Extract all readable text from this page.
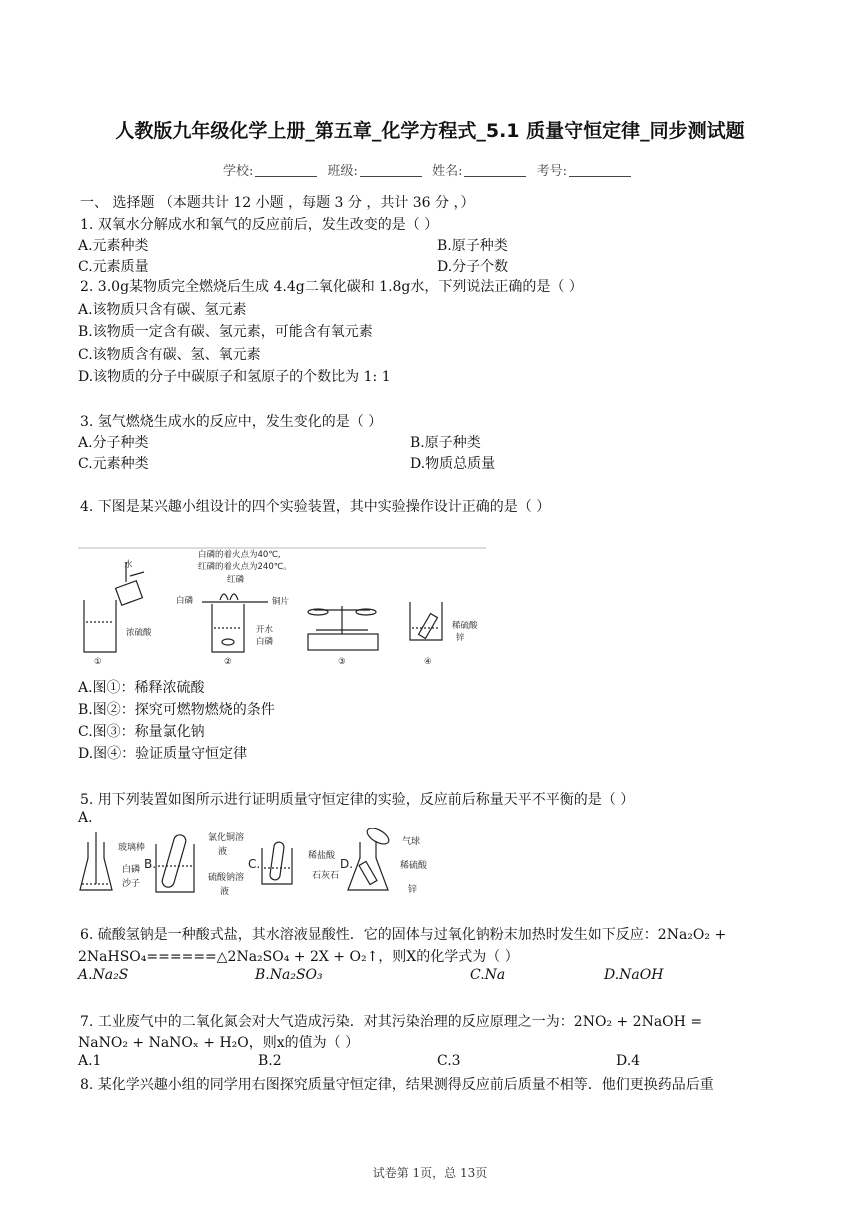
人教版九年级化学上册_第五章_化学方程式_5.1 质量守恒定律_同步测试题
学校:	班级:	姓名:	考号:
一、 选择题 （本题共计 12 小题 ，每题 3 分 ，共计 36 分 ，）
1. 双氧水分解成水和氧气的反应前后，发生改变的是（ ）
A.元素种类	B.原子种类
C.元素质量	D.分子个数
2. 3.0g某物质完全燃烧后生成 4.4g二氧化碳和 1.8g水，下列说法正确的是（ ）
A.该物质只含有碳、氢元素
B.该物质一定含有碳、氢元素，可能含有氧元素
C.该物质含有碳、氢、氧元素
D.该物质的分子中碳原子和氢原子的个数比为 1: 1
3. 氢气燃烧生成水的反应中，发生变化的是（ ）
A.分子种类	B.原子种类
C.元素种类	D.物质总质量
4. 下图是某兴趣小组设计的四个实验装置，其中实验操作设计正确的是（ ）
水
浓硫酸
白磷的着火点为40℃,
红磷的着火点为240℃。
红磷
白磷	铜片
开水
白磷
稀硫酸
锌
①	②	③	④
A.图①：稀释浓硫酸
B.图②：探究可燃物燃烧的条件
C.图③：称量氯化钠
D.图④：验证质量守恒定律
5. 用下列装置如图所示进行证明质量守恒定律的实验，反应前后称量天平不平衡的是（ ）
A.
玻璃棒
白磷
沙子
B.
氯化铜溶
液
硫酸钠溶
液
C.
稀盐酸
石灰石
D.
气球
稀硫酸
锌
6. 硫酸氢钠是一种酸式盐，其水溶液显酸性．它的固体与过氧化钠粉末加热时发生如下反应：2Na₂O₂ +
2NaHSO₄======△2Na₂SO₄ + 2X + O₂↑，则X的化学式为（ ）
A.Na₂S	B.Na₂SO₃	C.Na	D.NaOH
7. 工业废气中的二氧化氮会对大气造成污染．对其污染治理的反应原理之一为：2NO₂ + 2NaOH =
NaNO₂ + NaNOₓ + H₂O，则x的值为（ ）
A.1	B.2	C.3	D.4
8. 某化学兴趣小组的同学用右图探究质量守恒定律，结果测得反应前后质量不相等．他们更换药品后重
试卷第 1页，总 13页
